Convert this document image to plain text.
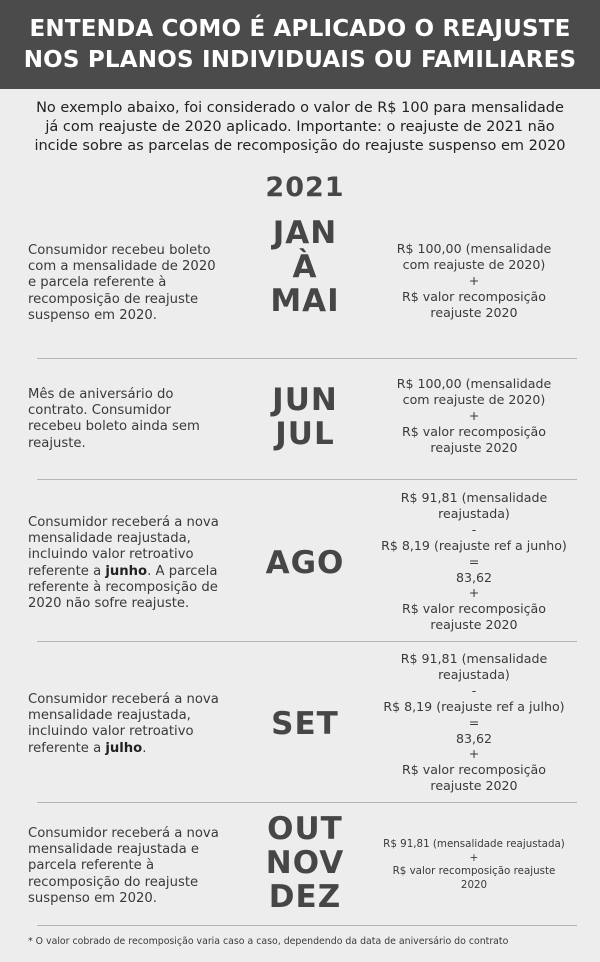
ENTENDA COMO É APLICADO O REAJUSTE
NOS PLANOS INDIVIDUAIS OU FAMILIARES
No exemplo abaixo, foi considerado o valor de R$ 100 para mensalidade
já com reajuste de 2020 aplicado. Importante: o reajuste de 2021 não
incide sobre as parcelas de recomposição do reajuste suspenso em 2020
2021
Consumidor recebeu boleto
com a mensalidade de 2020
e parcela referente à
recomposição de reajuste
suspenso em 2020.
JAN
À
MAI
R$ 100,00 (mensalidade
com reajuste de 2020)
+
R$ valor recomposição
reajuste 2020
Mês de aniversário do
contrato. Consumidor
recebeu boleto ainda sem
reajuste.
JUN
JUL
R$ 100,00 (mensalidade
com reajuste de 2020)
+
R$ valor recomposição
reajuste 2020
Consumidor receberá a nova
mensalidade reajustada,
incluindo valor retroativo
referente a junho. A parcela
referente à recomposição de
2020 não sofre reajuste.
AGO
R$ 91,81 (mensalidade
reajustada)
-
R$ 8,19 (reajuste ref a junho)
=
83,62
+
R$ valor recomposição
reajuste 2020
Consumidor receberá a nova
mensalidade reajustada,
incluindo valor retroativo
referente a julho.
SET
R$ 91,81 (mensalidade
reajustada)
-
R$ 8,19 (reajuste ref a julho)
=
83,62
+
R$ valor recomposição
reajuste 2020
Consumidor receberá a nova
mensalidade reajustada e
parcela referente à
recomposição do reajuste
suspenso em 2020.
OUT
NOV
DEZ
R$ 91,81 (mensalidade reajustada)
+
R$ valor recomposição reajuste
2020
* O valor cobrado de recomposição varia caso a caso, dependendo da data de aniversário do contrato
